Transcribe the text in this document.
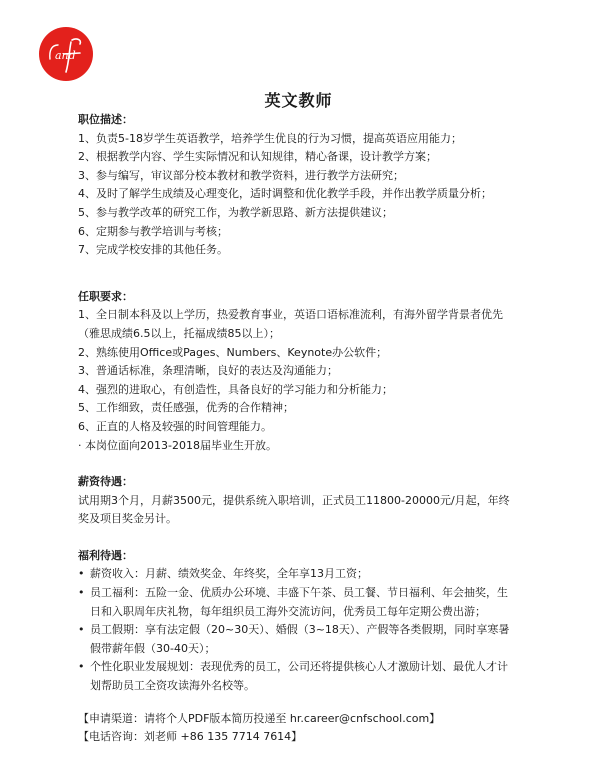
and
英文教师

职位描述：

1、负责5-18岁学生英语教学，培养学生优良的行为习惯，提高英语应用能力；

2、根据教学内容、学生实际情况和认知规律，精心备课，设计教学方案；

3、参与编写，审议部分校本教材和教学资料，进行教学方法研究；

4、及时了解学生成绩及心理变化，适时调整和优化教学手段，并作出教学质量分析；

5、参与教学改革的研究工作，为教学新思路、新方法提供建议；

6、定期参与教学培训与考核；

7、完成学校安排的其他任务。

任职要求：

1、全日制本科及以上学历，热爱教育事业，英语口语标准流利，有海外留学背景者优先（雅思成绩6.5以上，托福成绩85以上）；

2、熟练使用Office或Pages、Numbers、Keynote办公软件；

3、普通话标准，条理清晰，良好的表达及沟通能力；

4、强烈的进取心，有创造性，具备良好的学习能力和分析能力；

5、工作细致，责任感强，优秀的合作精神；

6、正直的人格及较强的时间管理能力。

· 本岗位面向2013-2018届毕业生开放。

薪资待遇：

试用期3个月，月薪3500元，提供系统入职培训，正式员工11800-20000元/月起，年终奖及项目奖金另计。

福利待遇：

• 薪资收入：月薪、绩效奖金、年终奖，全年享13月工资；
• 员工福利：五险一金、优质办公环境、丰盛下午茶、员工餐、节日福利、年会抽奖，生日和入职周年庆礼物，每年组织员工海外交流访问，优秀员工每年定期公费出游；
• 员工假期：享有法定假（20~30天）、婚假（3~18天）、产假等各类假期，同时享寒暑假带薪年假（30-40天）；
• 个性化职业发展规划：表现优秀的员工，公司还将提供核心人才激励计划、最优人才计划帮助员工全资攻读海外名校等。

【申请渠道：请将个人PDF版本简历投递至 hr.career@cnfschool.com】

【电话咨询：刘老师 +86 135 7714 7614】
